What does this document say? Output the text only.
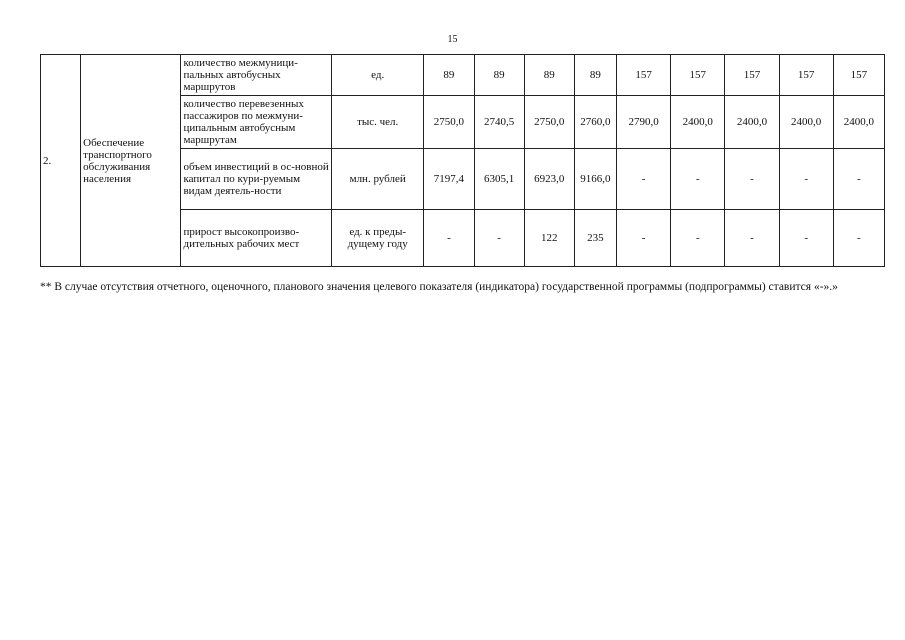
15
2.	Обеспечение транспортного обслуживания населения	количество межмуници-пальных автобусных маршрутов	ед.	89	89	89	89	157	157	157	157	157
		количество перевезенных пассажиров по межмуни-ципальным автобусным маршрутам	тыс. чел.	2750,0	2740,5	2750,0	2760,0	2790,0	2400,0	2400,0	2400,0	2400,0
		объем инвестиций в ос-новной капитал по кури-руемым видам деятель-ности	млн. рублей	7197,4	6305,1	6923,0	9166,0	-	-	-	-	-
		прирост высокопроизво-дительных рабочих мест	ед. к преды-дущему году	-	-	122	235	-	-	-	-	-
** В случае отсутствия отчетного, оценочного, планового значения целевого показателя (индикатора) государственной программы (подпрограммы) ставится «-».»
